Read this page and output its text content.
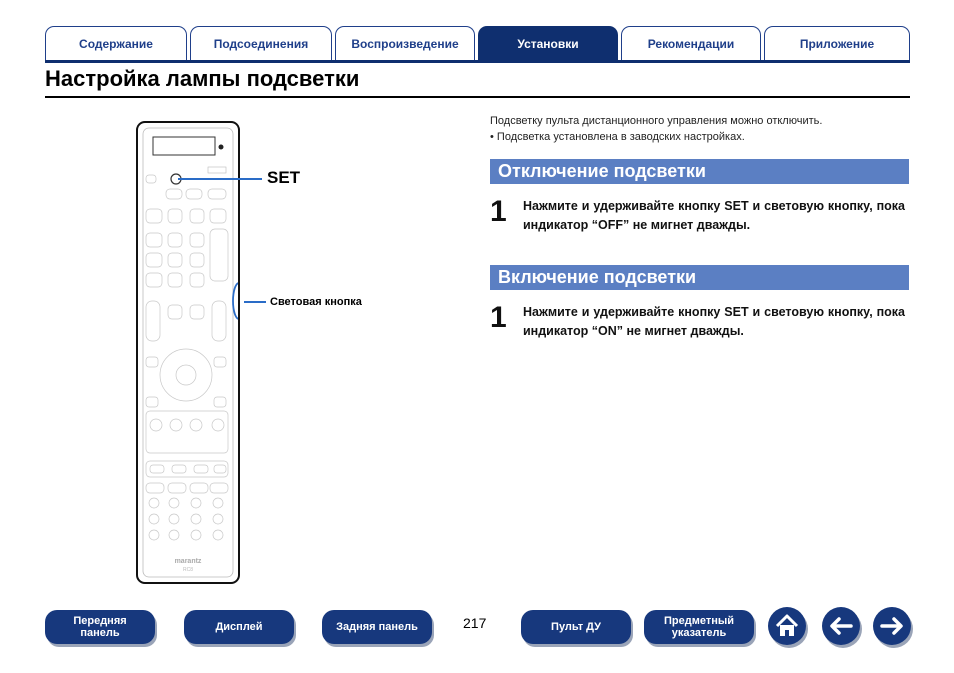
Содержание	Подсоединения	Воспроизведение	Установки	Рекомендации	Приложение
Настройка лампы подсветки
marantz
RC8
SET
Световая кнопка

Подсветку пульта дистанционного управления можно отключить.

• Подсветка установлена в заводских настройках.

Отключение подсветки
1 Нажмите и удерживайте кнопку SET и световую кнопку, пока индикатор “OFF” не мигнет дважды.
Включение подсветки
1 Нажмите и удерживайте кнопку SET и световую кнопку, пока индикатор “ON” не мигнет дважды.
Передняя панель	Дисплей	Задняя панель	217	Пульт ДУ	Предметный указатель
